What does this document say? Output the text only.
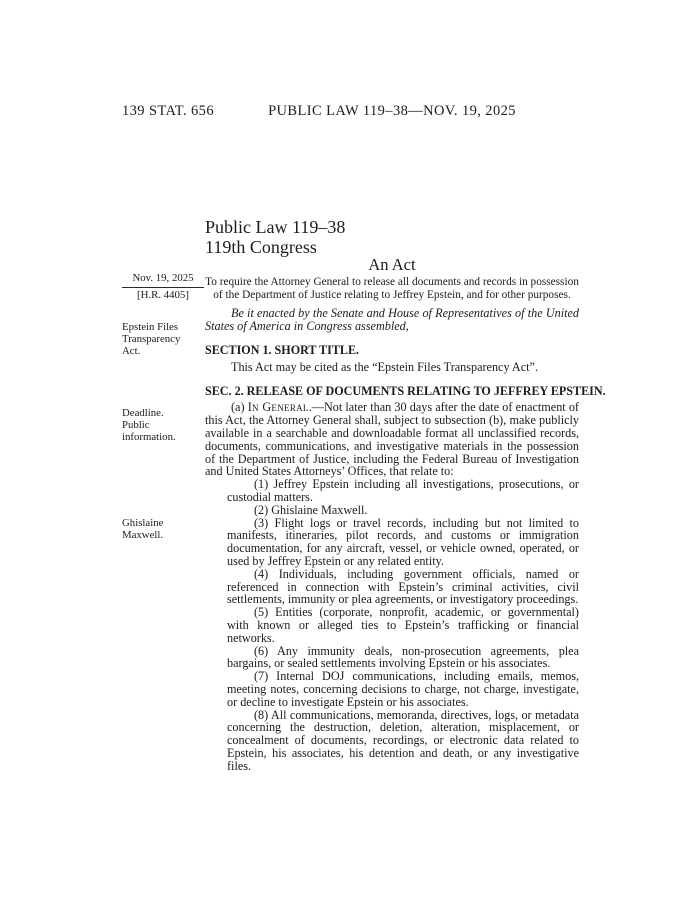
139 STAT. 656	PUBLIC LAW 119–38—NOV. 19, 2025
Nov. 19, 2025
[H.R. 4405]
Epstein Files
Transparency
Act.
Deadline.
Public
information.
Ghislaine
Maxwell.
Public Law 119–38
119th Congress
An Act

To require the Attorney General to release all documents and records in possession of the Department of Justice relating to Jeffrey Epstein, and for other purposes.

Be it enacted by the Senate and House of Representatives of the United States of America in Congress assembled,

SECTION 1. SHORT TITLE.

This Act may be cited as the “Epstein Files Transparency Act”.

SEC. 2. RELEASE OF DOCUMENTS RELATING TO JEFFREY EPSTEIN.

(a) In General.—Not later than 30 days after the date of enactment of this Act, the Attorney General shall, subject to subsection (b), make publicly available in a searchable and downloadable format all unclassified records, documents, communications, and investigative materials in the possession of the Department of Justice, including the Federal Bureau of Investigation and United States Attorneys’ Offices, that relate to:

(1) Jeffrey Epstein including all investigations, prosecutions, or custodial matters.

(2) Ghislaine Maxwell.

(3) Flight logs or travel records, including but not limited to manifests, itineraries, pilot records, and customs or immigration documentation, for any aircraft, vessel, or vehicle owned, operated, or used by Jeffrey Epstein or any related entity.

(4) Individuals, including government officials, named or referenced in connection with Epstein’s criminal activities, civil settlements, immunity or plea agreements, or investigatory proceedings.

(5) Entities (corporate, nonprofit, academic, or governmental) with known or alleged ties to Epstein’s trafficking or financial networks.

(6) Any immunity deals, non-prosecution agreements, plea bargains, or sealed settlements involving Epstein or his associates.

(7) Internal DOJ communications, including emails, memos, meeting notes, concerning decisions to charge, not charge, investigate, or decline to investigate Epstein or his associates.

(8) All communications, memoranda, directives, logs, or metadata concerning the destruction, deletion, alteration, misplacement, or concealment of documents, recordings, or electronic data related to Epstein, his associates, his detention and death, or any investigative files.
